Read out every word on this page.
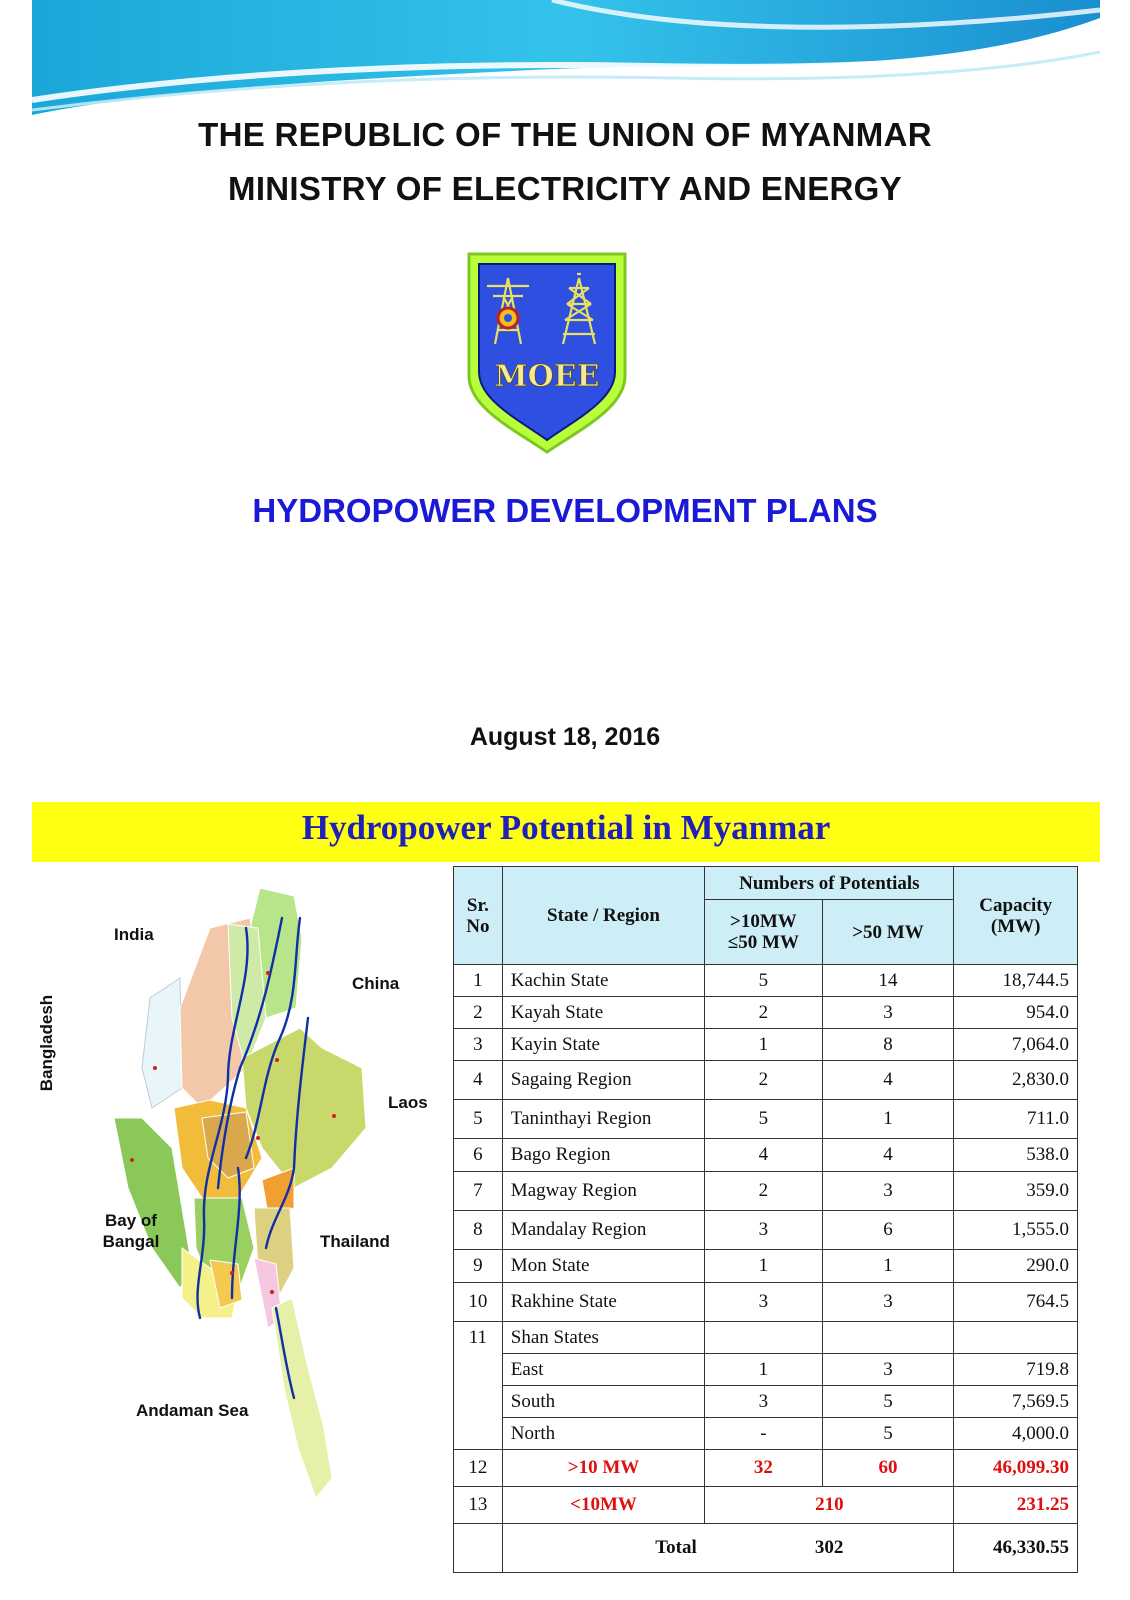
THE REPUBLIC OF THE UNION OF MYANMAR
MINISTRY OF ELECTRICITY AND ENERGY
MOEE
HYDROPOWER DEVELOPMENT PLANS
August 18, 2016
Hydropower Potential in Myanmar
India
China
Laos
Bangladesh
Bay of Bangal	Thailand
Andaman Sea
Sr. No	State / Region	Numbers of Potentials		Capacity (MW)
		>10MW ≤50 MW	>50 MW	
1	Kachin State	5	14	18,744.5
2	Kayah State	2	3	954.0
3	Kayin State	1	8	7,064.0
4	Sagaing Region	2	4	2,830.0
5	Taninthayi Region	5	1	711.0
6	Bago Region	4	4	538.0
7	Magway Region	2	3	359.0
8	Mandalay Region	3	6	1,555.0
9	Mon State	1	1	290.0
10	Rakhine State	3	3	764.5
11	Shan States			
	East	1	3	719.8
	South	3	5	7,569.5
	North	-	5	4,000.0
12	>10 MW	32	60	46,099.30
13	<10MW	210		231.25
	Total	302		46,330.55
